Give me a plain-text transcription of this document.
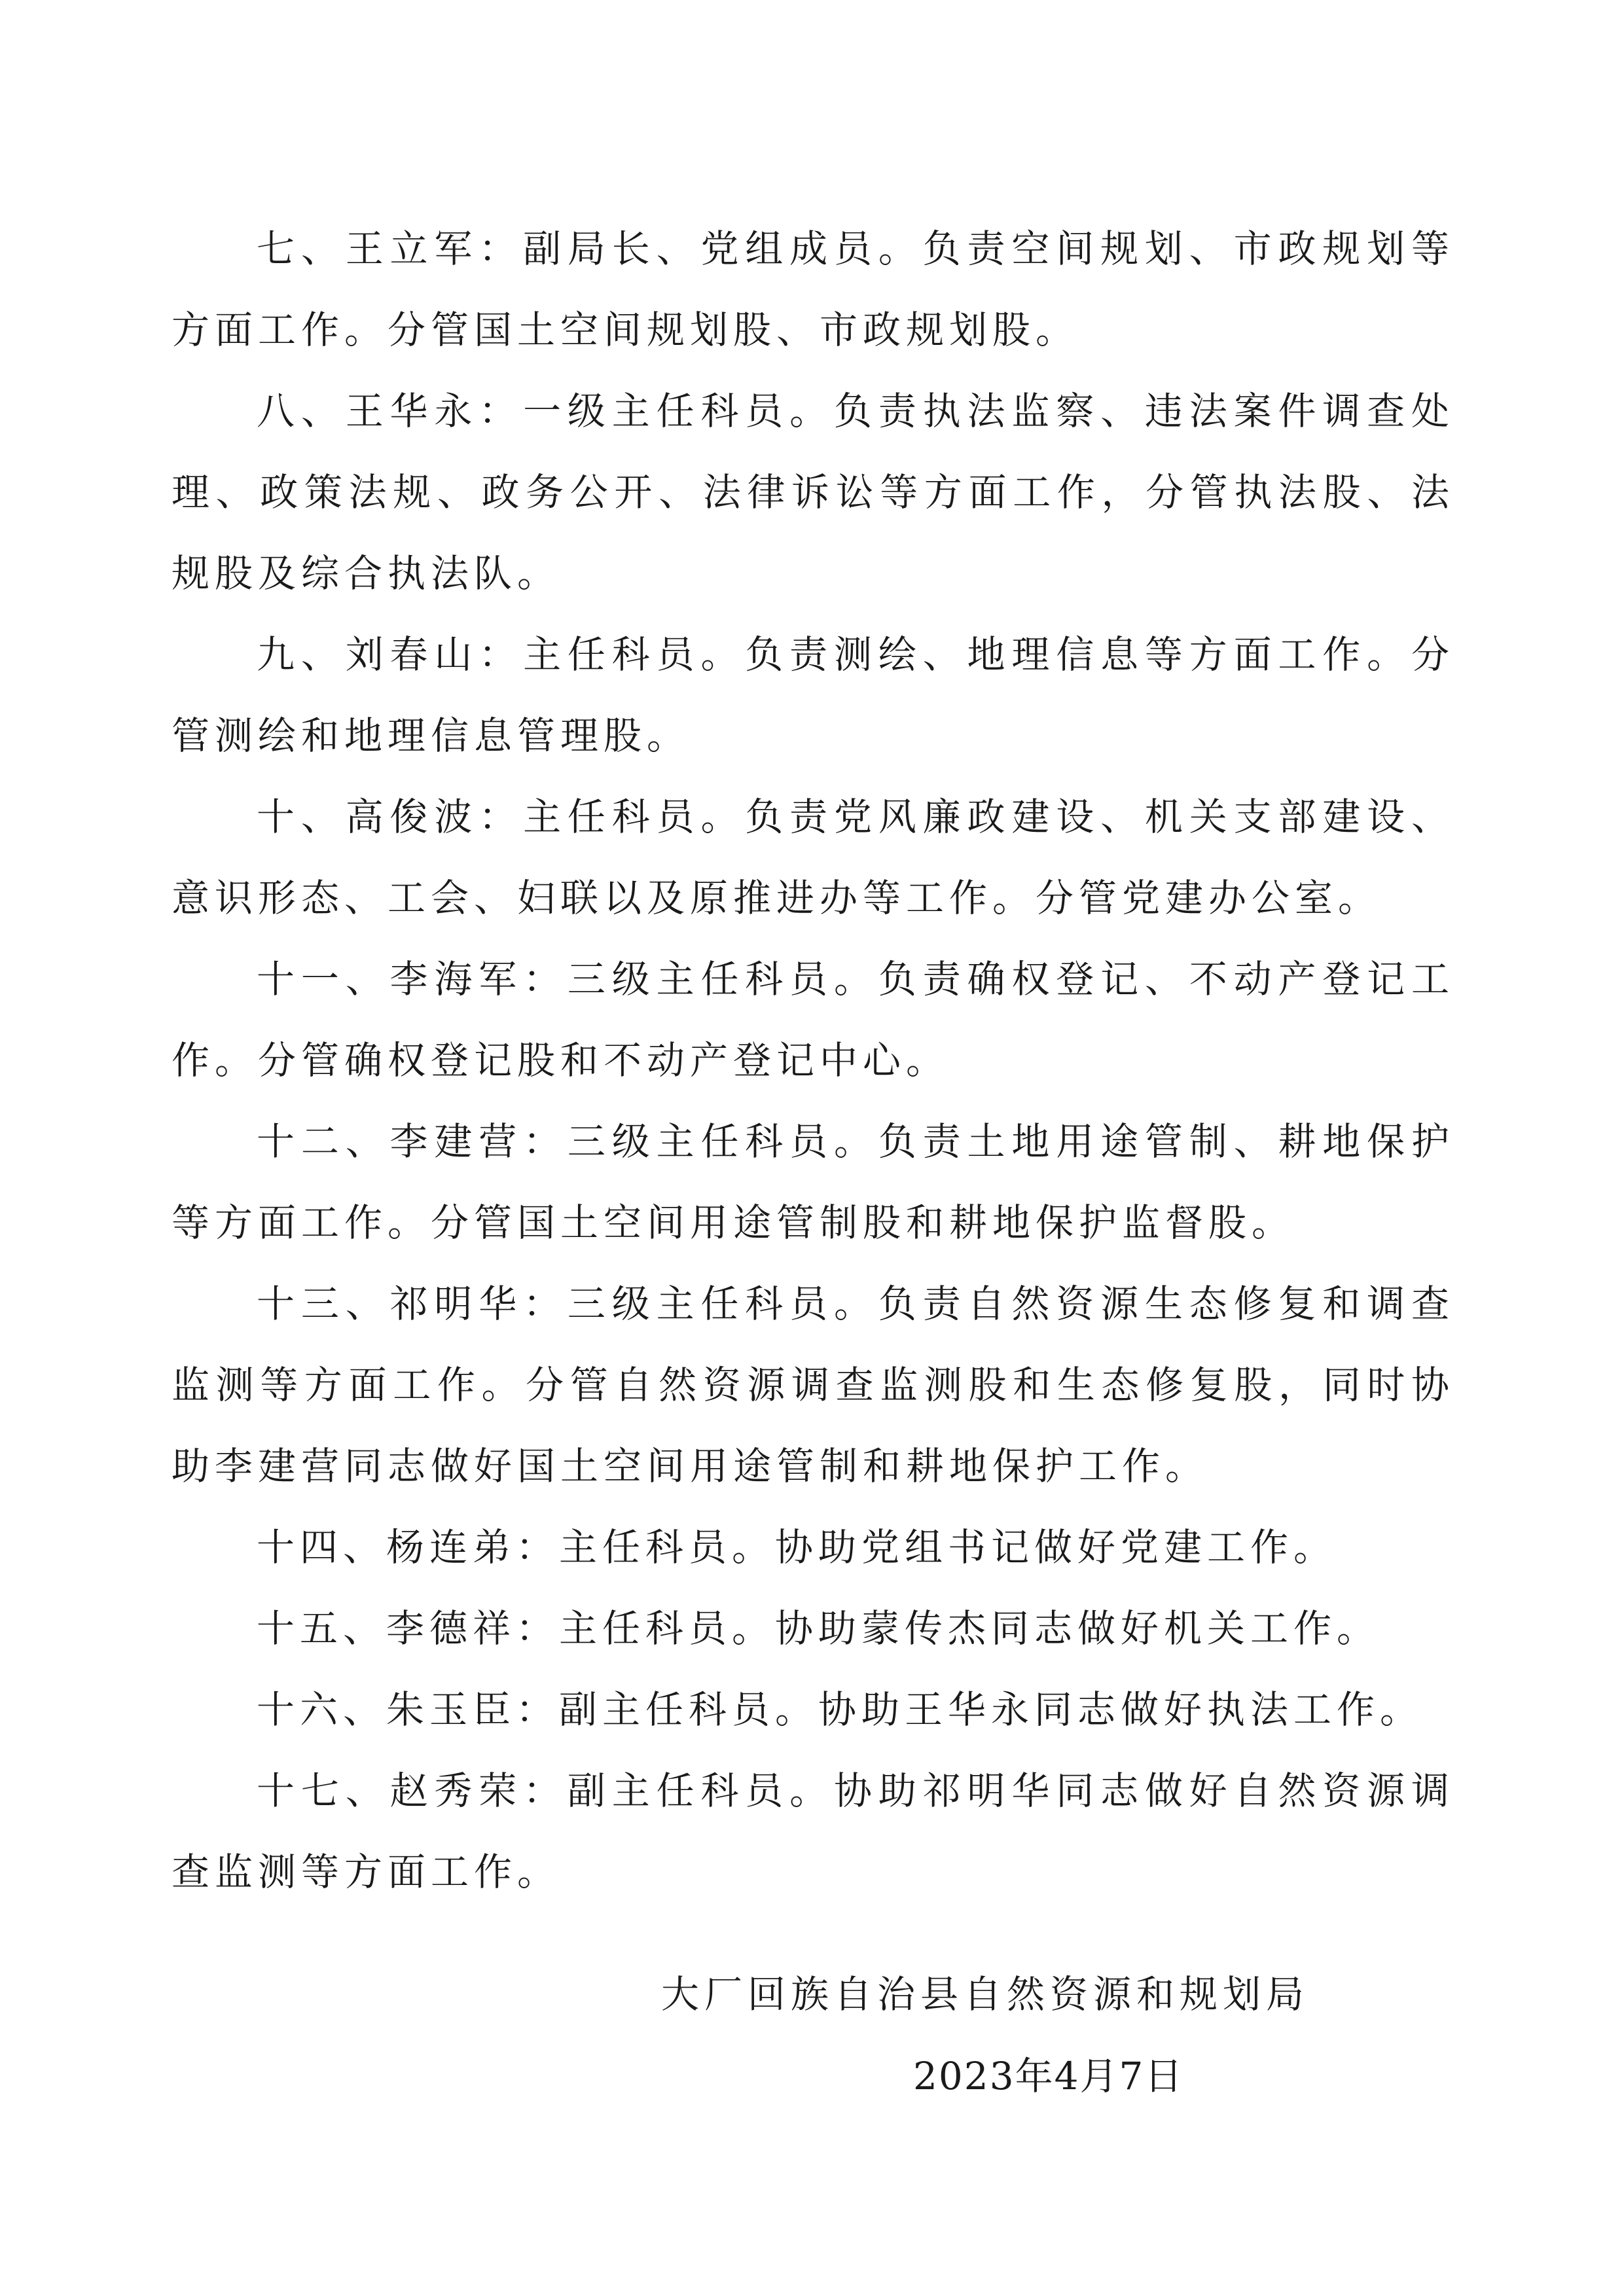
七、王立军：副局长、党组成员。负责空间规划、市政规划等方面工作。分管国土空间规划股、市政规划股。

八、王华永：一级主任科员。负责执法监察、违法案件调查处理、政策法规、政务公开、法律诉讼等方面工作，分管执法股、法规股及综合执法队。

九、刘春山：主任科员。负责测绘、地理信息等方面工作。分管测绘和地理信息管理股。

十、高俊波：主任科员。负责党风廉政建设、机关支部建设、意识形态、工会、妇联以及原推进办等工作。分管党建办公室。

十一、李海军：三级主任科员。负责确权登记、不动产登记工作。分管确权登记股和不动产登记中心。

十二、李建营：三级主任科员。负责土地用途管制、耕地保护等方面工作。分管国土空间用途管制股和耕地保护监督股。

十三、祁明华：三级主任科员。负责自然资源生态修复和调查监测等方面工作。分管自然资源调查监测股和生态修复股，同时协助李建营同志做好国土空间用途管制和耕地保护工作。

十四、杨连弟：主任科员。协助党组书记做好党建工作。

十五、李德祥：主任科员。协助蒙传杰同志做好机关工作。

十六、朱玉臣：副主任科员。协助王华永同志做好执法工作。

十七、赵秀荣：副主任科员。协助祁明华同志做好自然资源调查监测等方面工作。

大厂回族自治县自然资源和规划局
2023年4月7日
